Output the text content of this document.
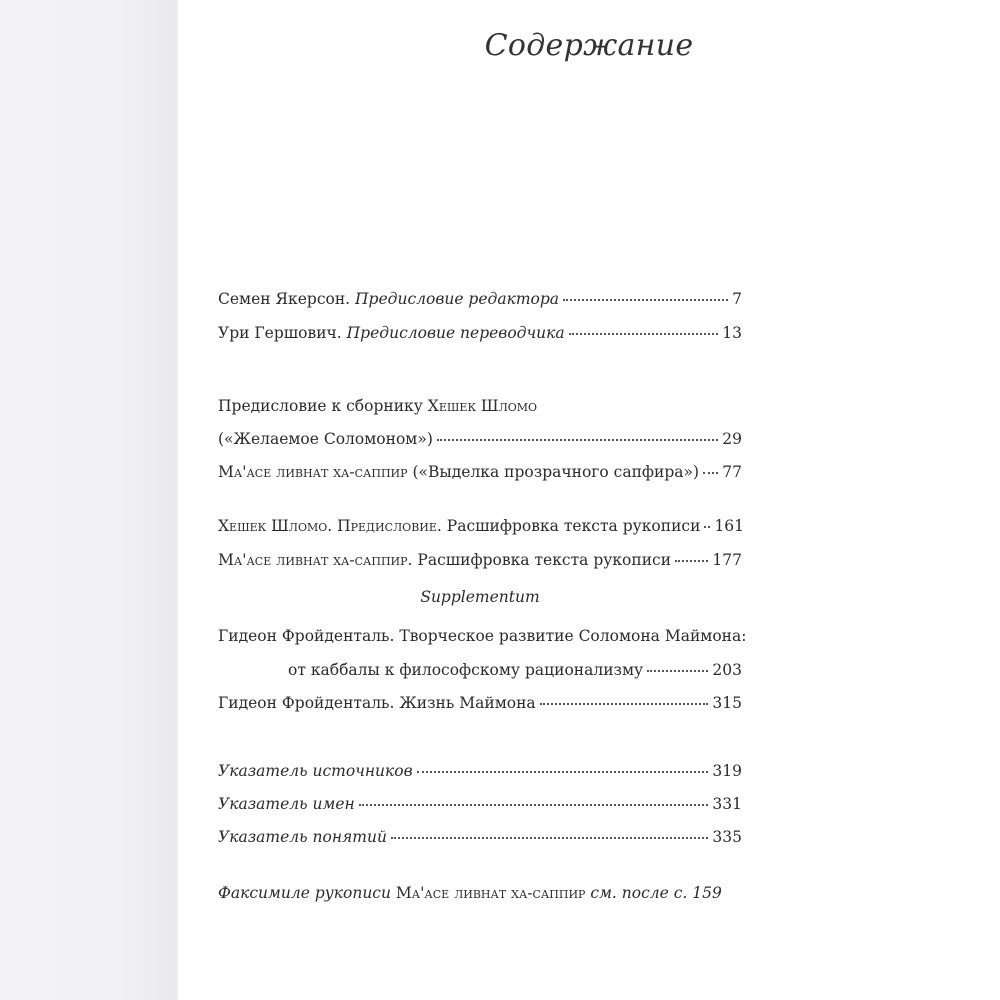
Содержание
Семен Якерсон. Предисловие редактора	7
Ури Гершович. Предисловие переводчика	13
Предисловие к сборнику Хешек Шломо
(«Желаемое Соломоном»)	29
Ма'асе ливнат ха-саппир («Выделка прозрачного сапфира») 77
Хешек Шломо. Предисловие. Расшифровка текста рукописи 161
Ма'асе ливнат ха-саппир. Расшифровка текста рукописи	177
Supplementum
Гидеон Фройденталь. Творческое развитие Соломона Маймона:
от каббалы к философскому рационализму	203
Гидеон Фройденталь. Жизнь Маймона	315
Указатель источников	319
Указатель имен	331
Указатель понятий	335
Факсимиле рукописи Ма'асе ливнат ха-саппир см. после с. 159
